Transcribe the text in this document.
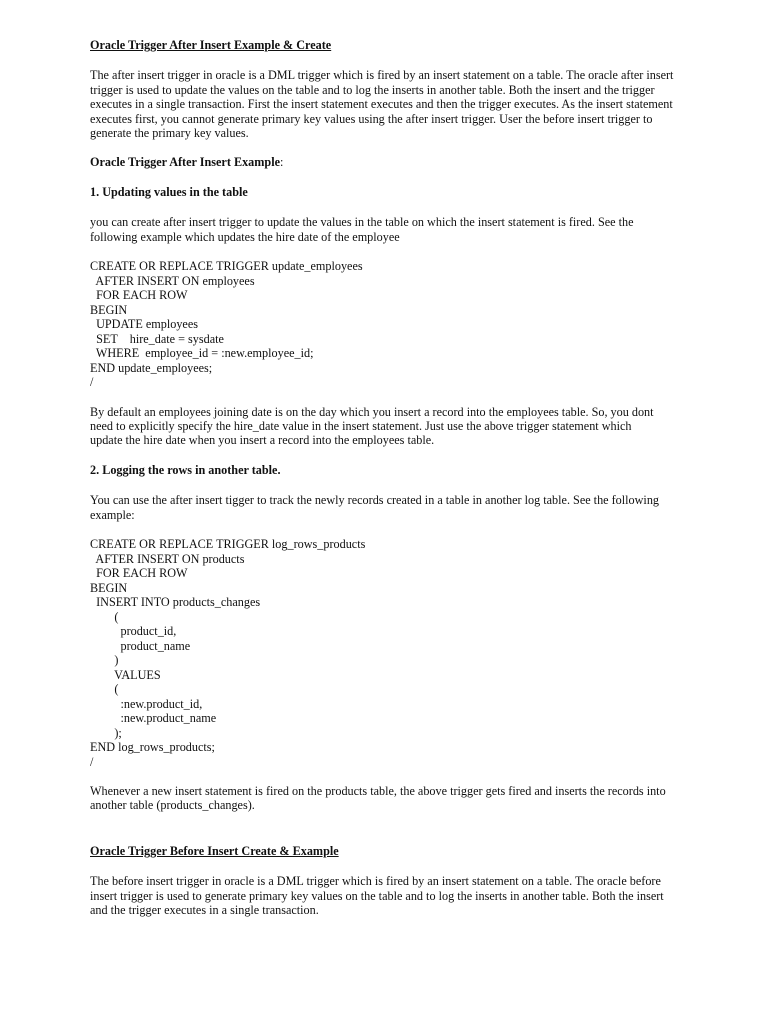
Oracle Trigger After Insert Example & Create

The after insert trigger in oracle is a DML trigger which is fired by an insert statement on a table. The oracle after insert trigger is used to update the values on the table and to log the inserts in another table. Both the insert and the trigger executes in a single transaction. First the insert statement executes and then the trigger executes. As the insert statement executes first, you cannot generate primary key values using the after insert trigger. User the before insert trigger to generate the primary key values.

Oracle Trigger After Insert Example:

1. Updating values in the table

you can create after insert trigger to update the values in the table on which the insert statement is fired. See the following example which updates the hire date of the employee

CREATE OR REPLACE TRIGGER update_employees
AFTER INSERT ON employees
FOR EACH ROW
BEGIN
UPDATE employees
SET    hire_date = sysdate
WHERE  employee_id = :new.employee_id;
END update_employees;
/

By default an employees joining date is on the day which you insert a record into the employees table. So, you dont need to explicitly specify the hire_date value in the insert statement. Just use the above trigger statement which update the hire date when you insert a record into the employees table.

2. Logging the rows in another table.

You can use the after insert tigger to track the newly records created in a table in another log table. See the following example:

CREATE OR REPLACE TRIGGER log_rows_products
AFTER INSERT ON products
FOR EACH ROW
BEGIN
INSERT INTO products_changes
(
product_id,
product_name
)
VALUES
(
:new.product_id,
:new.product_name
);
END log_rows_products;
/

Whenever a new insert statement is fired on the products table, the above trigger gets fired and inserts the records into another table (products_changes).

Oracle Trigger Before Insert Create & Example

The before insert trigger in oracle is a DML trigger which is fired by an insert statement on a table. The oracle before insert trigger is used to generate primary key values on the table and to log the inserts in another table. Both the insert and the trigger executes in a single transaction.
